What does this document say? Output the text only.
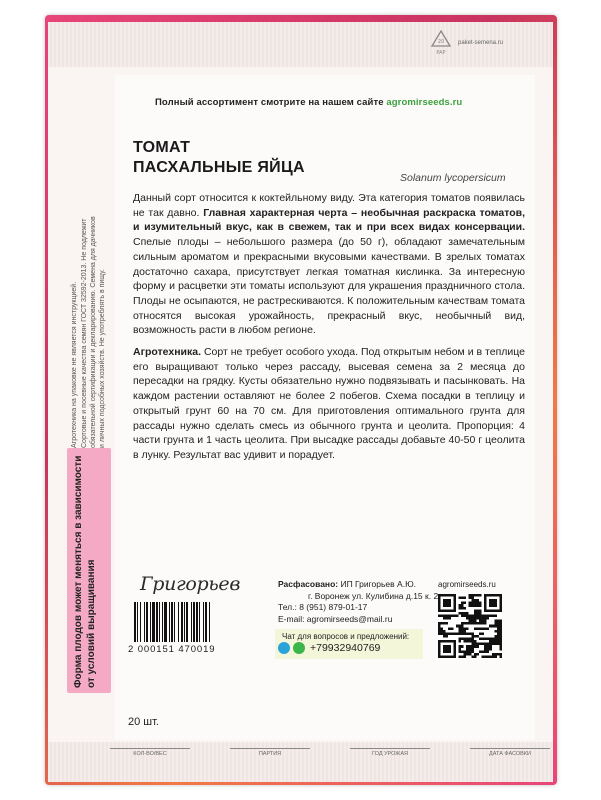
20
PAP
paket-semena.ru
Полный ассортимент смотрите на нашем сайте agromirseeds.ru
ТОМАТ
ПАСХАЛЬНЫЕ ЯЙЦА
Solanum lycopersicum

Данный сорт относится к коктейльному виду. Эта категория томатов появилась не так давно. Главная характерная черта – необычная раскраска томатов, и изумительный вкус, как в свежем, так и при всех видах консервации. Спелые плоды – небольшого размера (до 50 г), обладают замечательным сильным ароматом и прекрасными вкусовыми качествами. В зрелых томатах достаточно сахара, присутствует легкая томатная кислинка. За интересную форму и расцветки эти томаты используют для украшения праздничного стола. Плоды не осыпаются, не растрескиваются. К положительным качествам томата относятся высокая урожайность, прекрасный вкус, необычный вид, возможность расти в любом регионе.

Агротехника. Сорт не требует особого ухода. Под открытым небом и в теплице его выращивают только через рассаду, высевая семена за 2 месяца до пересадки на грядку. Кусты обязательно нужно подвязывать и пасынковать. На каждом растении оставляют не более 2 побегов. Схема посадки в теплицу и открытый грунт 60 на 70 см. Для приготовления оптимального грунта для рассады нужно сделать смесь из обычного грунта и цеолита. Пропорция: 4 части грунта и 1 часть цеолита. При высадке рассады добавьте 40-50 г цеолита в лунку. Результат вас удивит и порадует.

Агротехника на упаковке не является инструкцией. Сортовые и посевные качества семян ГОСТ 32592-2013. Не подлежит обязательной сертификации и декларированию. Семена для дачников и личных подсобных хозяйств. Не употреблять в пищу.
Форма плодов может меняться в зависимости от условий выращивания Григорьев
2 000151 470019
Расфасовано: ИП Григорьев А.Ю.
г. Воронеж ул. Кулибина д.15 к. 2
Тел.: 8 (951) 879-01-17
E-mail: agromirseeds@mail.ru
Чат для вопросов и предложений:
+79932940769
agromirseeds.ru
20 шт.
КОЛ-ВО/ВЕС	ПАРТИЯ	ГОД УРОЖАЯ	ДАТА ФАСОВКИ
